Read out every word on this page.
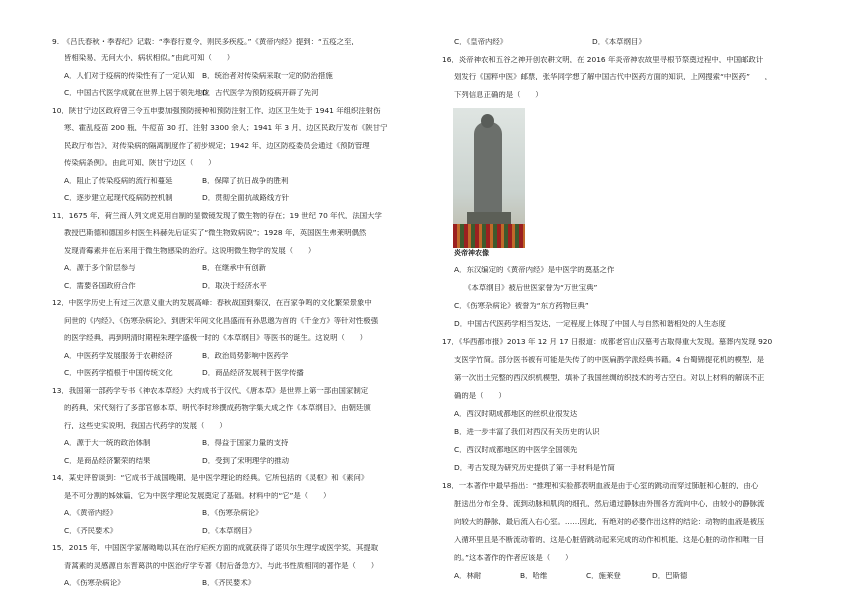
9.　《吕氏春秋・季春纪》记载：“季春行夏令，则民多疾疫。”《黄帝内经》提到：“五疫之至，
皆相染易，无问大小，病状相似。”由此可知（　　）
A．人们对于疫病的传染性有了一定认知 B．统治者对传染病采取一定的防治措施
C．中国古代医学成就在世界上居于领先地位
D．古代医学为预防疫病开辟了先河
10．陕甘宁边区政府曾三令五申要加强预防接种和预防注射工作，边区卫生处于 1941 年组织注射伤
寒、霍乱疫苗 200 瓶，牛痘苗 30 打，注射 3300 余人；1941 年 3 月，边区民政厅发布《陕甘宁
民政厅布告》，对传染病的隔离制度作了初步规定；1942 年，边区防疫委员会通过《预防管理
传染病条例》。由此可知，陕甘宁边区（　　）
A．阻止了传染疫病的流行和蔓延	B．保障了抗日战争的胜利
C．逐步建立起现代疫病防控机制	D．贯彻全面抗战路线方针
11．1675 年，荷兰商人列文虎克用自制的显微镜发现了微生物的存在；19 世纪 70 年代，法国大学
教授巴斯德和德国乡村医生科赫先后证实了“微生物致病说”；1928 年，英国医生弗莱明偶然
发现青霉素并在后来用于微生物感染的治疗。这说明微生物学的发展（　　）
A．源于多个阶层参与	B．在继承中有创新
C．需要各国政府合作	D．取决于经济水平
12．中医学历史上有过三次意义重大的发展高峰：春秋战国到秦汉，在百家争鸣的文化繁荣景象中
问世的《内经》、《伤寒杂病论》，到唐宋年间文化昌盛而有孙思邈为首的《千金方》等针对性极强
的医学经典，再到明清时期程朱理学盛极一时的《本草纲目》等医书的诞生。这说明（　　）
A．中医药学发展服务于农耕经济	B．政治局势影响中医药学
C．中医药学植根于中国传统文化	D．商品经济发展利于医学传播
13．我国第一部药学专书《神农本草经》大约成书于汉代，《唐本草》是世界上第一部由国家制定
的药典，宋代刻行了多部官修本草，明代李时珍撰成药物学集大成之作《本草纲目》，由朝廷颁
行，这些史实说明，我国古代药学的发展（　　）
A．源于大一统的政治体制	B．得益于国家力量的支持
C．是商品经济繁荣的结果	D．受到了宋明理学的推动
14．某史评曾谈到：“它成书于战国晚期，是中医学理论的经典。它所包括的《灵枢》和《素问》
是不可分割的姊妹篇，它为中医学理论发展奠定了基础。材料中的“它”是（　　）
A．《黄帝内经》	B．《伤寒杂病论》
C．《齐民要术》	D．《本草纲目》
15．2015 年，中国医学家屠呦呦以其在治疗疟疾方面的成就获得了诺贝尔生理学或医学奖，其提取
青蒿素的灵感源自东晋葛洪的中医治疗学专著《肘后备急方》，与此书性质相同的著作是（　　）
A．《伤寒杂病论》	B．《齐民要术》
C．《皇帝内经》	D．《本草纲目》
16．炎帝神农和五谷之神开创农耕文明，在 2016 年炎帝神农故里寻根节祭奠过程中，中国邮政计
划发行《国粹中医》邮票，张华同学想了解中国古代中医药方面的知识，上网搜索“中医药”　　，
下列信息正确的是（　　）
A．东汉编定的《黄帝内经》是中医学的奠基之作
《本草纲目》被后世医家誉为“万世宝典”
C．《伤寒杂病论》被誉为“东方药物巨典”
D．中国古代医药学相当发达，一定程度上体现了中国人与自然和谐相处的人生态度
17．《华西都市报》2013 年 12 月 17 日报道：成都老官山汉墓考古取得重大发现。墓葬内发现 920
支医学竹简。部分医书被有可能是失传了的中医扁鹊学派经典书籍。4 台蜀锦提花机的模型，是
第一次出土完整的西汉织机模型，填补了我国丝绸纺织技术的考古空白。对以上材料的解读不正
确的是（　　）
A．西汉时期成都地区的丝织业很发达
B．进一步丰富了我们对西汉有关历史的认识
C．西汉时成都地区的中医学全国领先
D．考古发现为研究历史提供了第一手材料是竹简
18．一本著作中最早指出：“推理和实验都表明血液是由于心室的跳动而穿过肺脏和心脏的，由心
脏送出分布全身，流到动脉和肌肉的细孔，然后通过静脉由外围各方流向中心，由较小的静脉流
向较大的静脉，最后流入右心室。……因此，有绝对的必要作出这样的结论：动物的血液是被压
入循环里且是不断流动着的，这是心脏借跳动起来完成的动作和机能，这是心脏的动作和唯一目
的。”这本著作的作者应该是（　　）
A．林耐	B．哈维	C．施莱登	D．巴斯德
炎帝神农像
